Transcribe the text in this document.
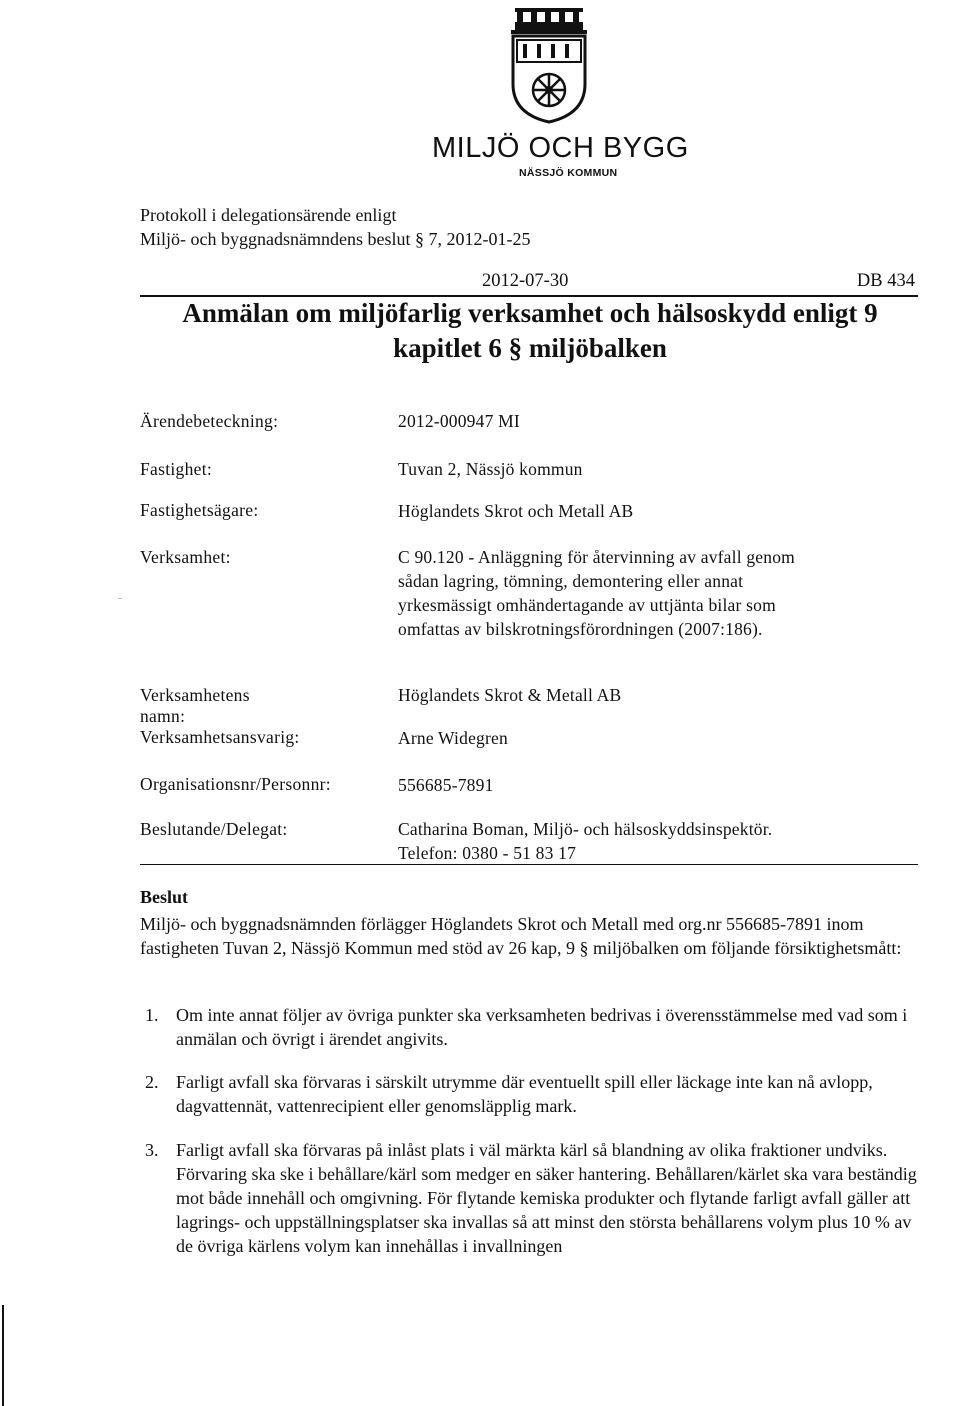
MILJÖ OCH BYGG
NÄSSJÖ KOMMUN
Protokoll i delegationsärende enligt
Miljö- och byggnadsnämndens beslut § 7, 2012-01-25
2012-07-30	DB 434
Anmälan om miljöfarlig verksamhet och hälsoskydd enligt 9
kapitlet 6 § miljöbalken
Ärendebeteckning:	2012-000947 MI
Fastighet:	Tuvan 2, Nässjö kommun
Fastighetsägare:	Höglandets Skrot och Metall AB
Verksamhet:	C 90.120 - Anläggning för återvinning av avfall genom sådan lagring, tömning, demontering eller annat yrkesmässigt omhändertagande av uttjänta bilar som omfattas av bilskrotningsförordningen (2007:186).
Verksamhetens namn:
Höglandets Skrot & Metall AB
Verksamhetsansvarig:	Arne Widegren
Organisationsnr/Personnr:	556685-7891
Beslutande/Delegat:	Catharina Boman, Miljö- och hälsoskyddsinspektör.
Telefon: 0380 - 51 83 17
Beslut
Miljö- och byggnadsnämnden förlägger Höglandets Skrot och Metall med org.nr 556685-7891 inom fastigheten Tuvan 2, Nässjö Kommun med stöd av 26 kap, 9 § miljöbalken om följande försiktighetsmått:
1. Om inte annat följer av övriga punkter ska verksamheten bedrivas i överensstämmelse med vad som i anmälan och övrigt i ärendet angivits.
2. Farligt avfall ska förvaras i särskilt utrymme där eventuellt spill eller läckage inte kan nå avlopp, dagvattennät, vattenrecipient eller genomsläpplig mark.
3. Farligt avfall ska förvaras på inlåst plats i väl märkta kärl så blandning av olika fraktioner undviks. Förvaring ska ske i behållare/kärl som medger en säker hantering. Behållaren/kärlet ska vara beständig mot både innehåll och omgivning. För flytande kemiska produkter och flytande farligt avfall gäller att lagrings- och uppställningsplatser ska invallas så att minst den största behållarens volym plus 10 % av de övriga kärlens volym kan innehållas i invallningen
